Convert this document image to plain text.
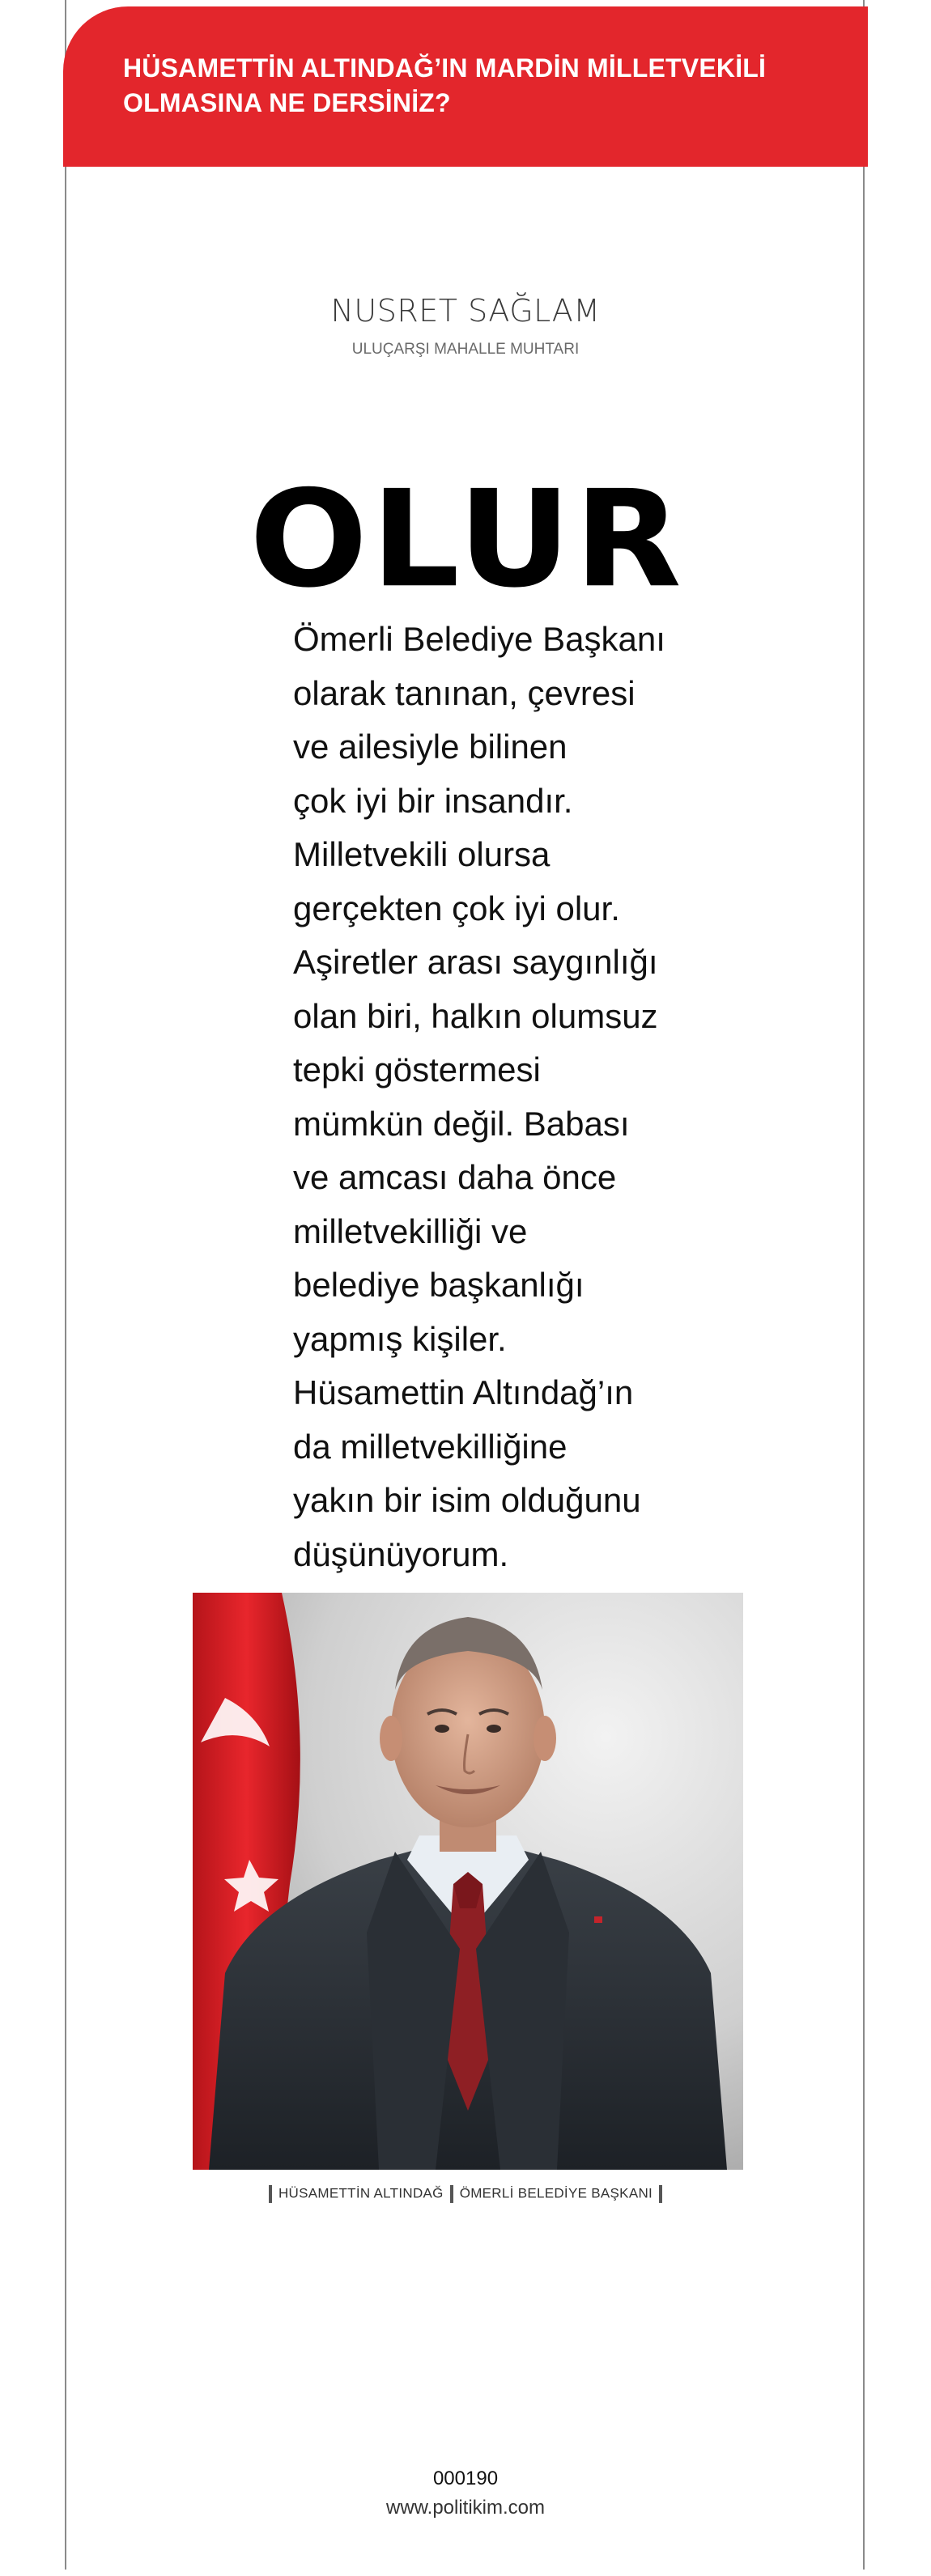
HÜSAMETTİN ALTINDAĞ’IN MARDİN MİLLETVEKİLİ
OLMASINA NE DERSİNİZ?

NUSRET SAĞLAM
ULUÇARŞI MAHALLE MUHTARI
OLUR

Ömerli Belediye Başkanı
olarak tanınan, çevresi
ve ailesiyle bilinen
çok iyi bir insandır.
Milletvekili olursa
gerçekten çok iyi olur.
Aşiretler arası saygınlığı
olan biri, halkın olumsuz
tepki göstermesi
mümkün değil. Babası
ve amcası daha önce
milletvekilliği ve
belediye başkanlığı
yapmış kişiler.
Hüsamettin Altındağ’ın
da milletvekilliğine
yakın bir isim olduğunu
düşünüyorum.

HÜSAMETTİN ALTINDAĞ ÖMERLİ BELEDİYE BAŞKANI
000190
www.politikim.com
